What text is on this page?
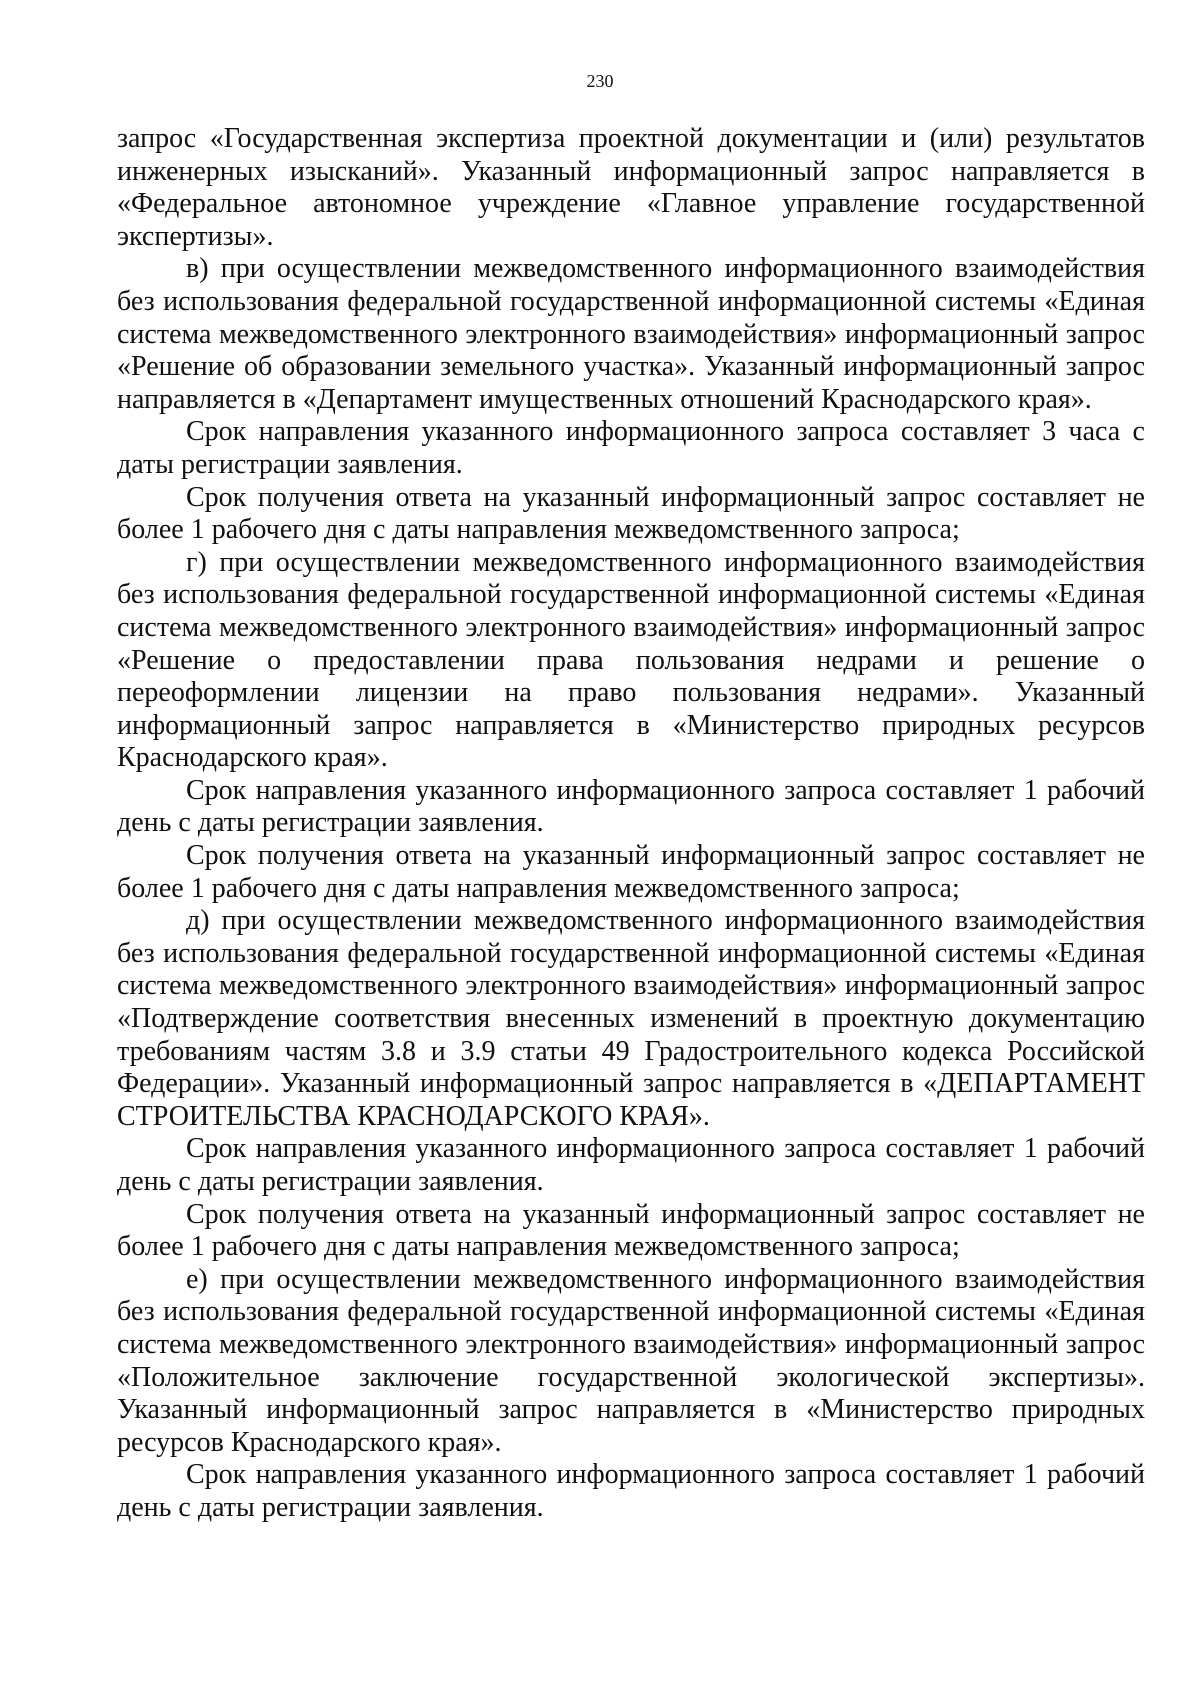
230

запрос «Государственная экспертиза проектной документации и (или) результатов инженерных изысканий». Указанный информационный запрос направляется в «Федеральное автономное учреждение «Главное управление государственной экспертизы».

в) при осуществлении межведомственного информационного взаимодействия без использования федеральной государственной информационной системы «Единая система межведомственного электронного взаимодействия» информационный запрос «Решение об образовании земельного участка». Указанный информационный запрос направляется в «Департамент имущественных отношений Краснодарского края».

Срок направления указанного информационного запроса составляет 3 часа с даты регистрации заявления.

Срок получения ответа на указанный информационный запрос составляет не более 1 рабочего дня с даты направления межведомственного запроса;

г) при осуществлении межведомственного информационного взаимодействия без использования федеральной государственной информационной системы «Единая система межведомственного электронного взаимодействия» информационный запрос «Решение о предоставлении права пользования недрами и решение о переоформлении лицензии на право пользования недрами». Указанный информационный запрос направляется в «Министерство природных ресурсов Краснодарского края».

Срок направления указанного информационного запроса составляет 1 рабочий день с даты регистрации заявления.

Срок получения ответа на указанный информационный запрос составляет не более 1 рабочего дня с даты направления межведомственного запроса;

д) при осуществлении межведомственного информационного взаимодействия без использования федеральной государственной информационной системы «Единая система межведомственного электронного взаимодействия» информационный запрос «Подтверждение соответствия внесенных изменений в проектную документацию требованиям частям 3.8 и 3.9 статьи 49 Градостроительного кодекса Российской Федерации». Указанный информационный запрос направляется в «ДЕПАРТАМЕНТ СТРОИТЕЛЬСТВА КРАСНОДАРСКОГО КРАЯ».

Срок направления указанного информационного запроса составляет 1 рабочий день с даты регистрации заявления.

Срок получения ответа на указанный информационный запрос составляет не более 1 рабочего дня с даты направления межведомственного запроса;

е) при осуществлении межведомственного информационного взаимодействия без использования федеральной государственной информационной системы «Единая система межведомственного электронного взаимодействия» информационный запрос «Положительное заключение государственной экологической экспертизы». Указанный информационный запрос направляется в «Министерство природных ресурсов Краснодарского края».

Срок направления указанного информационного запроса составляет 1 рабочий день с даты регистрации заявления.
